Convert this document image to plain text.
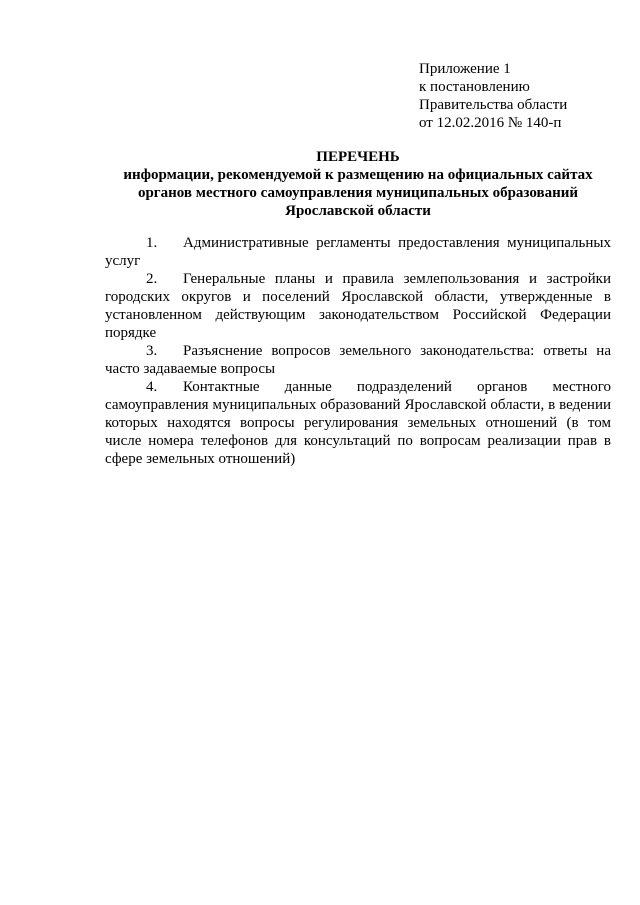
Приложение 1
к постановлению
Правительства области
от 12.02.2016 № 140-п
ПЕРЕЧЕНЬ
информации, рекомендуемой к размещению на официальных сайтах
органов местного самоуправления муниципальных образований
Ярославской области
1. Административные регламенты предоставления муниципальных услуг
2. Генеральные планы и правила землепользования и застройки городских округов и поселений Ярославской области, утвержденные в установленном действующим законодательством Российской Федерации порядке
3. Разъяснение вопросов земельного законодательства: ответы на часто задаваемые вопросы
4. Контактные данные подразделений органов местного самоуправления муниципальных образований Ярославской области, в ведении которых находятся вопросы регулирования земельных отношений (в том числе номера телефонов для консультаций по вопросам реализации прав в сфере земельных отношений)
